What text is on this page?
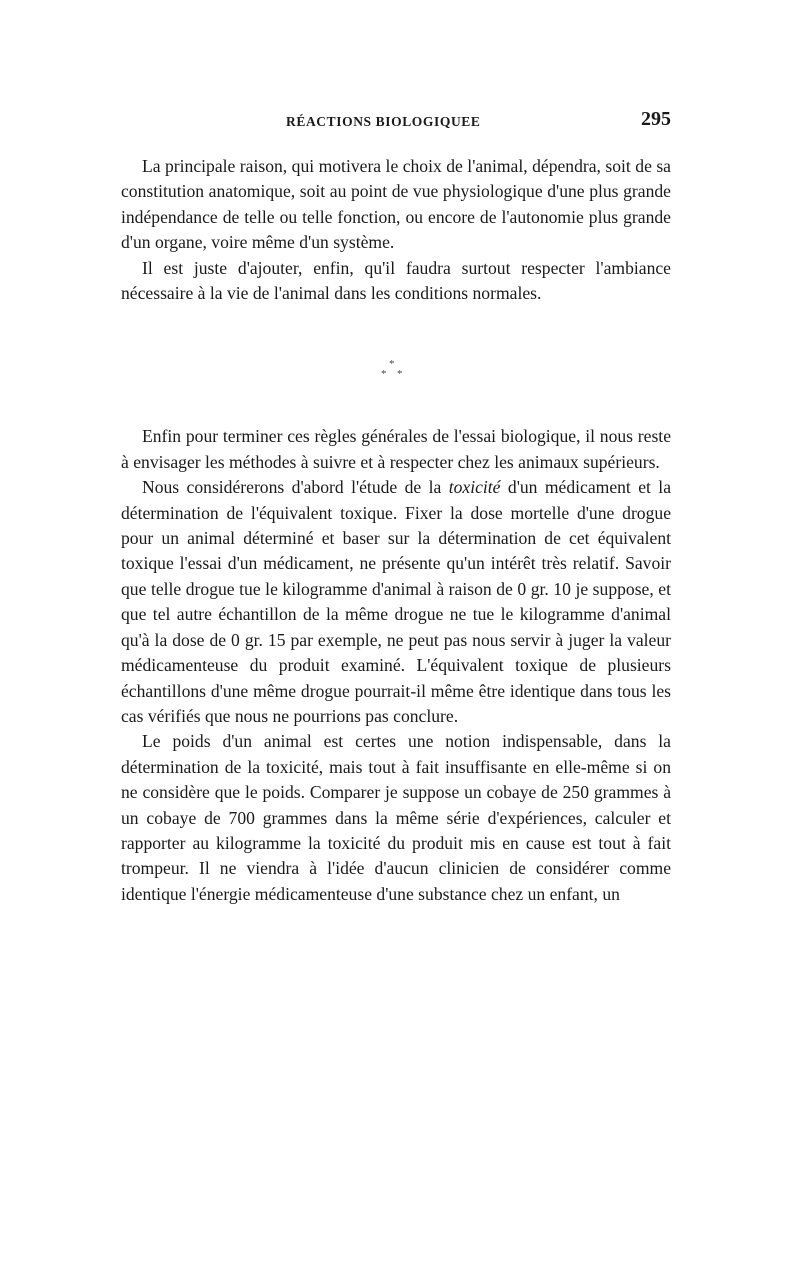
RÉACTIONS BIOLOGIQUEE	295

La principale raison, qui motivera le choix de l'animal, dépendra, soit de sa constitution anatomique, soit au point de vue physiologique d'une plus grande indépendance de telle ou telle fonction, ou encore de l'autonomie plus grande d'un organe, voire même d'un système.

Il est juste d'ajouter, enfin, qu'il faudra surtout respecter l'ambiance nécessaire à la vie de l'animal dans les conditions normales.

*
* *

Enfin pour terminer ces règles générales de l'essai biologique, il nous reste à envisager les méthodes à suivre et à respecter chez les animaux supérieurs.

Nous considérerons d'abord l'étude de la toxicité d'un médicament et la détermination de l'équivalent toxique. Fixer la dose mortelle d'une drogue pour un animal déterminé et baser sur la détermination de cet équivalent toxique l'essai d'un médicament, ne présente qu'un intérêt très relatif. Savoir que telle drogue tue le kilogramme d'animal à raison de 0 gr. 10 je suppose, et que tel autre échantillon de la même drogue ne tue le kilogramme d'animal qu'à la dose de 0 gr. 15 par exemple, ne peut pas nous servir à juger la valeur médicamenteuse du produit examiné. L'équivalent toxique de plusieurs échantillons d'une même drogue pourrait-il même être identique dans tous les cas vérifiés que nous ne pourrions pas conclure.

Le poids d'un animal est certes une notion indispensable, dans la détermination de la toxicité, mais tout à fait insuffisante en elle-même si on ne considère que le poids. Comparer je suppose un cobaye de 250 grammes à un cobaye de 700 grammes dans la même série d'expériences, calculer et rapporter au kilogramme la toxicité du produit mis en cause est tout à fait trompeur. Il ne viendra à l'idée d'aucun clinicien de considérer comme identique l'énergie médicamenteuse d'une substance chez un enfant, un
